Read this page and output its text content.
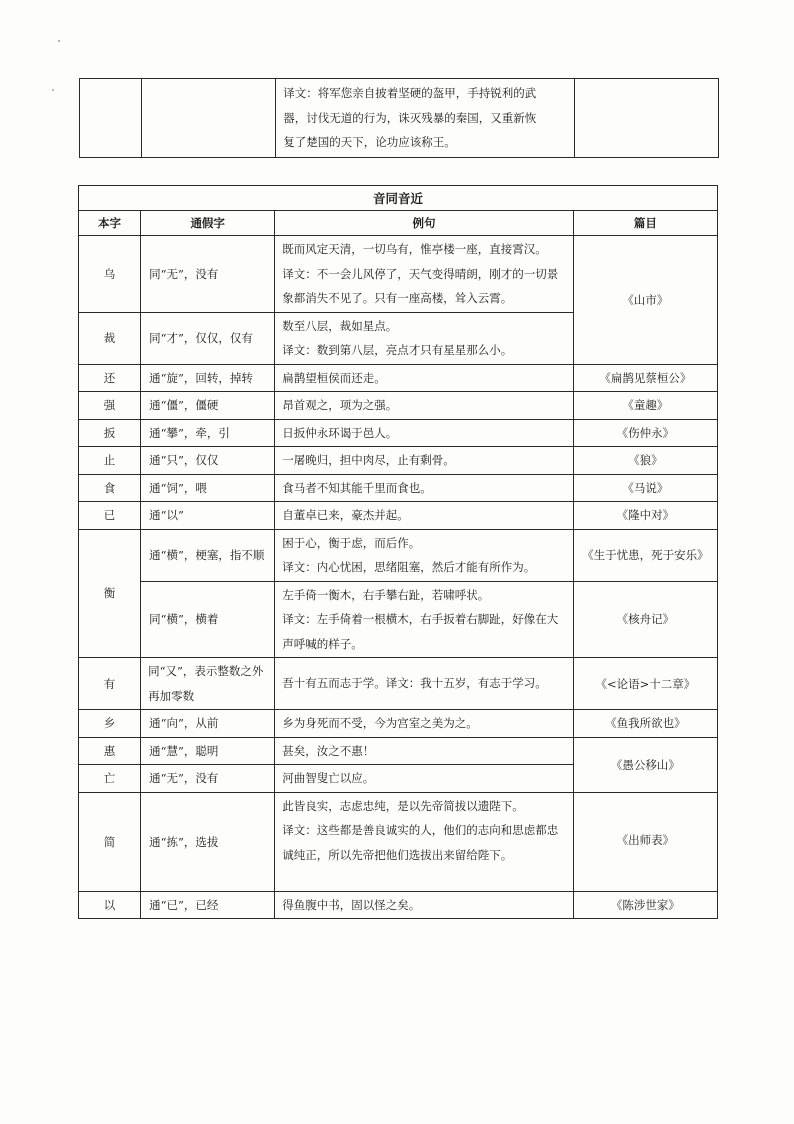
译文：将军您亲自披着坚硬的盔甲，手持锐利的武
器，讨伐无道的行为，诛灭残暴的秦国，又重新恢
复了楚国的天下，论功应该称王。

音同音近			
本字	通假字	例句	篇目
乌	同“无”，没有	既而风定天清，一切乌有，惟亭楼一座，直接霄汉。
译文：不一会儿风停了，天气变得晴朗，刚才的一切景
象都消失不见了。只有一座高楼，耸入云霄。	《山市》
裁	同“才”，仅仅，仅有	数至八层，裁如星点。
译文：数到第八层，亮点才只有星星那么小。	

还	通“旋”，回转，掉转	扁鹊望桓侯而还走。	《扁鹊见蔡桓公》
强	通“僵”，僵硬	昂首观之，项为之强。	《童趣》
扳	通“攀”，牵，引	日扳仲永环谒于邑人。	《伤仲永》
止	通“只”，仅仅	一屠晚归，担中肉尽，止有剩骨。	《狼》
食	通“饲”，喂	食马者不知其能千里而食也。	《马说》
已	通“以”	自董卓已来，豪杰并起。	《隆中对》
衡	通“横”，梗塞，指不顺	困于心，衡于虑，而后作。
译文：内心忧困，思绪阻塞，然后才能有所作为。	《生于忧患，死于安乐》
	同“横”，横着	左手倚一衡木，右手攀右趾，若啸呼状。
译文：左手倚着一根横木，右手扳着右脚趾，好像在大
声呼喊的样子。	《核舟记》
有	同“又”，表示整数之外
再加零数	吾十有五而志于学。译文：我十五岁，有志于学习。	《<论语>十二章》
乡	通“向”，从前	乡为身死而不受，今为宫室之美为之。	《鱼我所欲也》
惠	通“慧”，聪明	甚矣，汝之不惠！	《愚公移山》
亡	通“无”，没有	河曲智叟亡以应。	
简	通“拣”，选拔	此皆良实，志虑忠纯，是以先帝简拔以遗陛下。
译文：这些都是善良诚实的人，他们的志向和思虑都忠
诚纯正，所以先帝把他们选拔出来留给陛下。	《出师表》
以	通“已”，已经	得鱼腹中书，固以怪之矣。	《陈涉世家》
